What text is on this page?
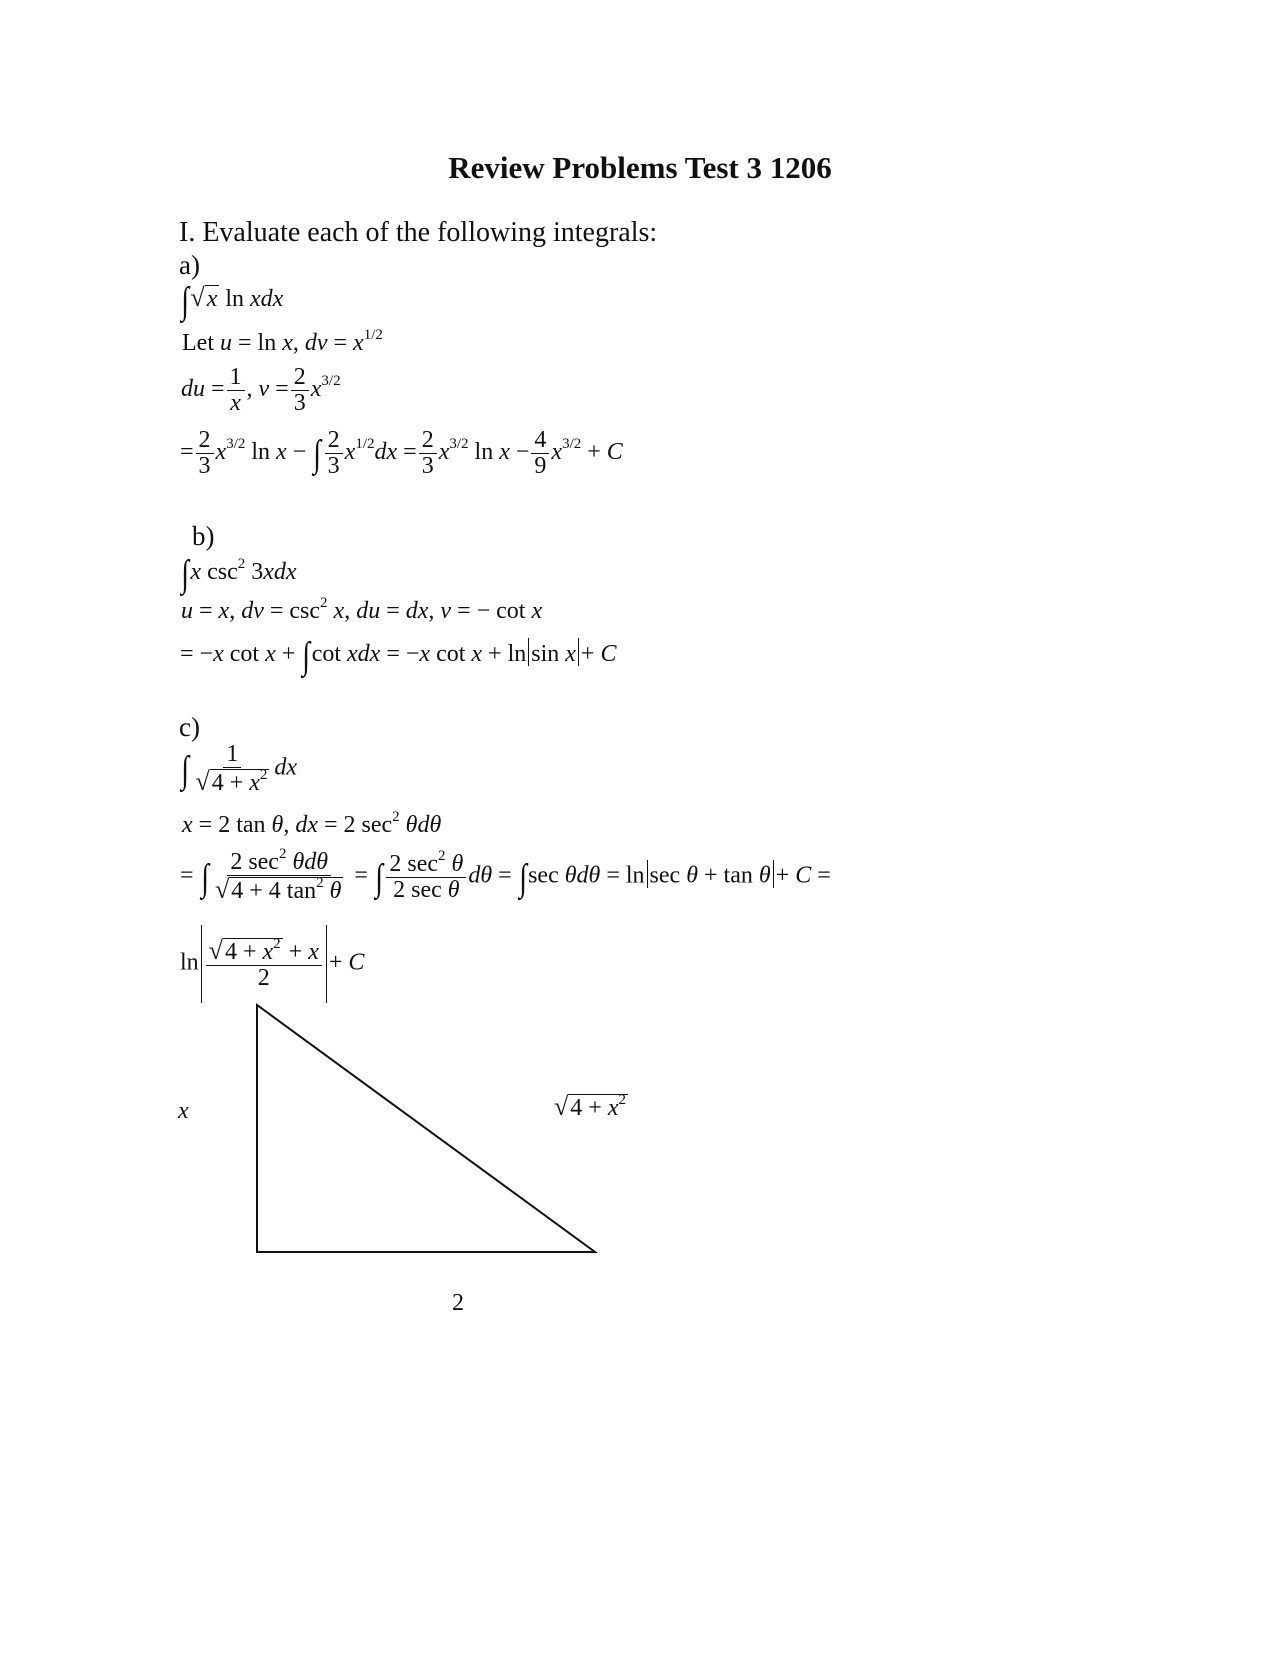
Review Problems Test 3 1206
I. Evaluate each of the following integrals:
a)
∫√x ln xdx
Let u = ln x, dv = $x^{1/2}$
du = $\frac{1}{x}$ , $v = \frac{2}{3} x^{3/2}$
= $\frac{2}{3} x^{3/2}$ ln x − ∫ $\frac{2}{3} x^{1/2}dx = \frac{2}{3} x^{3/2}$ $\ln x - \frac{4}{9} x^{3/2} + C$
b)
∫x $\csc^2 3xdx$
u = x, dv = $\csc^2 x$, du = dx, v = − cot x
= −x cot x + ∫cot xdx = −x cot x + ln sin x + C
c)
∫ $\frac{1}{√4 + x^2}$ dx
x = 2 tan θ, dx = 2 $\sec^2 \theta d\theta$
= ∫ $\frac{2 \sec^2 \theta d\theta}{√4 + 4 \tan^2 \theta}$ = ∫ $\frac{2 \sec^2 \theta}{\text{2 sec θ}}$ dθ = ∫sec θdθ = ln sec θ + tan θ + C =
$\ln \frac{√4 + x^2 + x}{2} + C$
x	$√4 + x^2$
2
